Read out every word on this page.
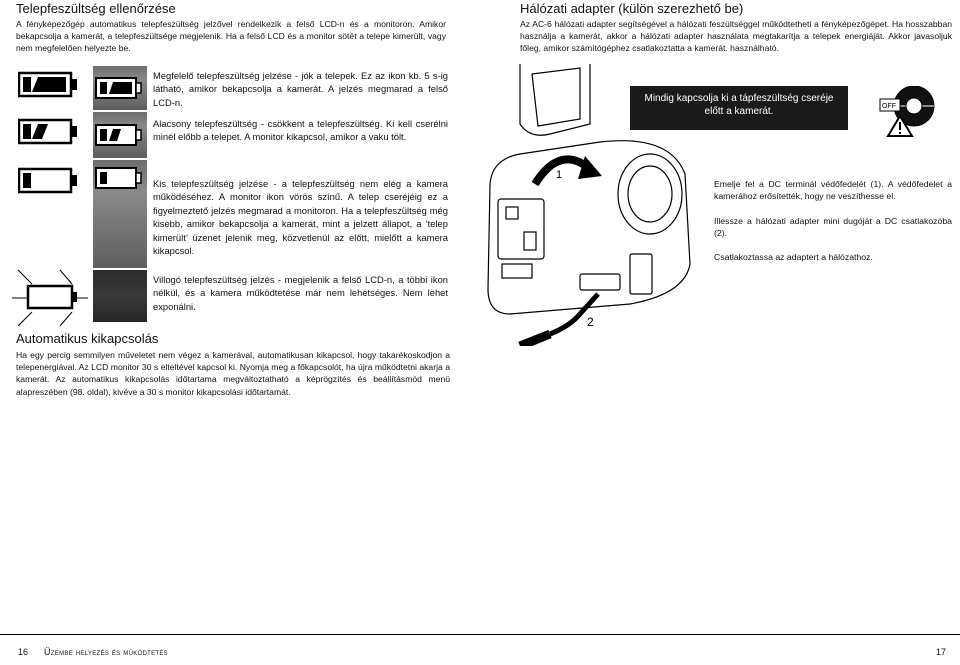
Telepfeszültség ellenőrzése

A fényképezőgép automatikus telepfeszültség jelzővel rendelkezik a felső LCD-n és a monitoron. Amikor bekapcsolja a kamerát, a telepfeszültsége megjelenik. Ha a felső LCD és a monitor sötét a telepe kimerült, vagy nem megfelelően helyezte be.

Megfelelő telepfeszültség jelzése - jók a telepek. Ez az ikon kb. 5 s-ig látható, amikor bekapcsolja a kamerát. A jelzés megmarad a felső LCD-n.

Alacsony telepfeszültség - csökkent a telepfeszültség. Ki kell cserélni minél előbb a telepet. A monitor kikapcsol, amikor a vaku tölt.

Kis telepfeszültség jelzése - a telepfeszültség nem elég a kamera működéséhez. A monitor ikon vörös színű. A telep cseréjéig ez a figyelmeztető jelzés megmarad a monitoron. Ha a telepfeszültség még kisebb, amikor bekapcsolja a kamerát, mint a jelzett állapot, a ‘telep kimerült’ üzenet jelenik meg, közvetlenül az előtt, mielőtt a kamera kikapcsol.

Villogó telepfeszültség jelzés - megjelenik a felső LCD-n, a többi ikon nélkül, és a kamera működtetése már nem lehetséges. Nem lehet exponálni.

Automatikus kikapcsolás

Ha egy percig semmilyen műveletet nem végez a kamerával, automatikusan kikapcsol, hogy takarékoskodjon a telepenergiával. Az LCD monitor 30 s elteltével kapcsol ki. Nyomja meg a főkapcsolót, ha újra működtetni akarja a kamerát. Az automatikus kikapcsolás időtartama megváltoztatható a képrögzítés és beállításmód menü alapreszében (98. oldal), kivéve a 30 s monitor kikapcsolási időtartamát.

Hálózati adapter (külön szerezhető be)

Az AC-6 hálózati adapter segítségével a hálózati feszültséggel működtetheti a fényképezőgépet. Ha hosszabban használja a kamerát, akkor a hálózati adapter használata megtakarítja a telepek energiáját. Akkor javasoljuk főleg, amikor számítógéphez csatlakoztatta a kamerát. használható.

1
2
Mindig kapcsolja ki a tápfeszültség cseréje előtt a kamerát.	OFF

Emelje fel a DC terminál védőfedelét (1). A védőfedelet a kamerához erősítették, hogy ne veszíthesse el.

Illessze a hálózati adapter mini dugóját a DC csatlakozóba (2).

Csatlakoztassa az adaptert a hálózathoz.

16 Üzembe helyezés és működtetés	17
